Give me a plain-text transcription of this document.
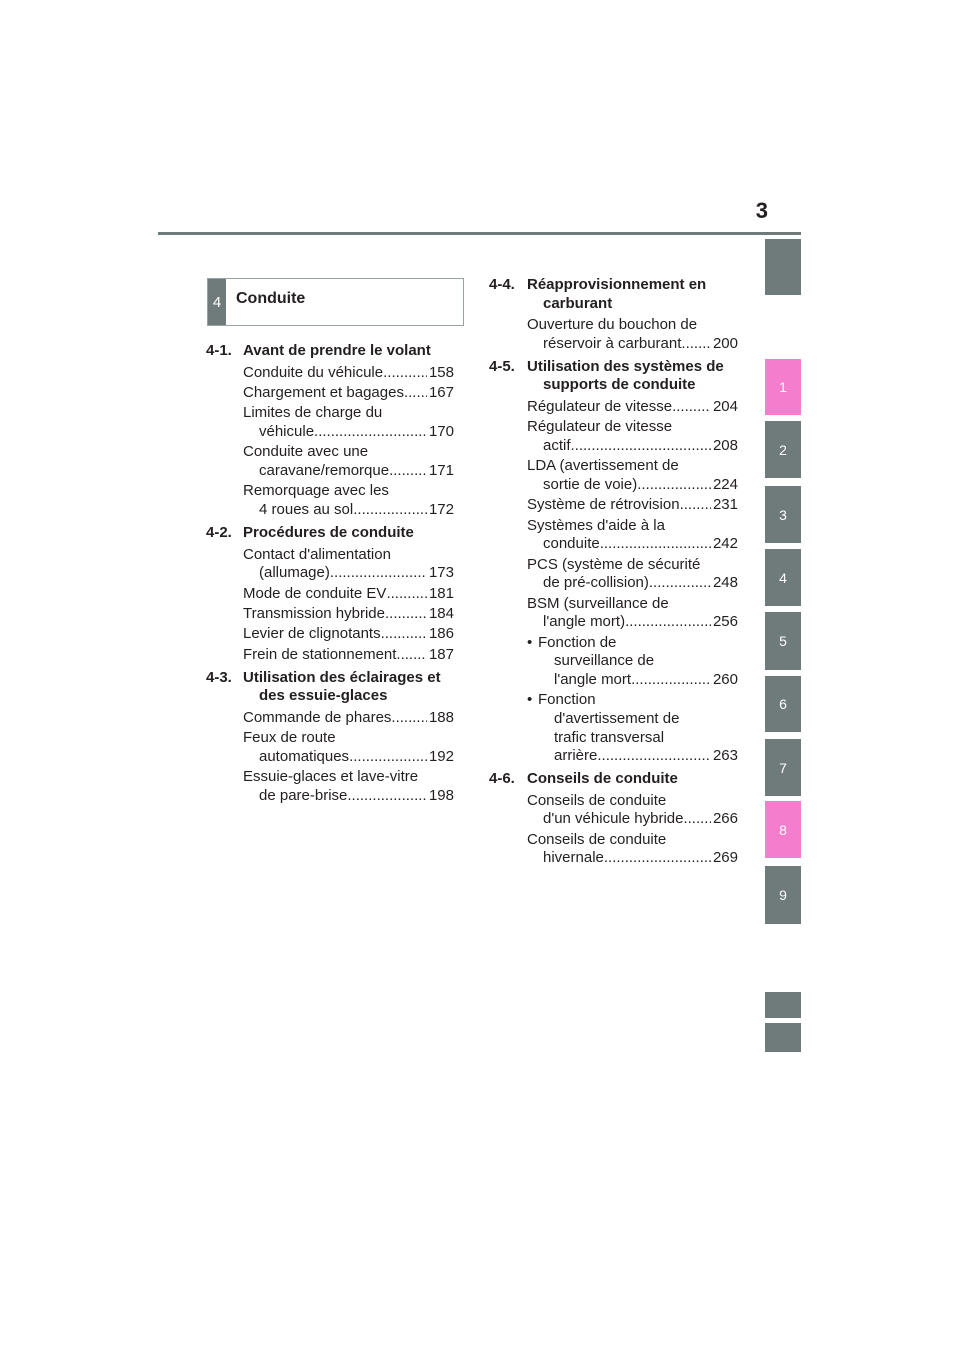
3
1
2
3
4
5
6
7
8
9
4 Conduite
4-1. Avant de prendre le volant
Conduite du véhicule .....	158
Chargement et bagages ..... 167
Limites de charge du
véhicule .....	170
Conduite avec une
caravane/remorque .....	171
Remorquage avec les
4 roues au sol .....	172
4-2. Procédures de conduite
Contact d'alimentation
(allumage) .....	173
Mode de conduite EV .....	181
Transmission hybride .....	184
Levier de clignotants .....	186
Frein de stationnement ..... 187
4-3. Utilisation des éclairages et des essuie-glaces
Commande de phares .....	188
Feux de route
automatiques .....	192
Essuie-glaces et lave-vitre
de pare-brise .....	198
4-4. Réapprovisionnement en carburant
Ouverture du bouchon de
réservoir à carburant ..... 200
4-5. Utilisation des systèmes de supports de conduite
Régulateur de vitesse .....	204
Régulateur de vitesse
actif .....	208
LDA (avertissement de
sortie de voie) .....	224
Système de rétrovision ..... 231
Systèmes d'aide à la
conduite .....	242
PCS (système de sécurité
de pré-collision) .....	248
BSM (surveillance de
l'angle mort) .....	256
• Fonction de
surveillance de
l'angle mort .....	260
• Fonction
d'avertissement de
trafic transversal
arrière .....	263
4-6. Conseils de conduite
Conseils de conduite
d'un véhicule hybride ..... 266
Conseils de conduite
hivernale .....	269
